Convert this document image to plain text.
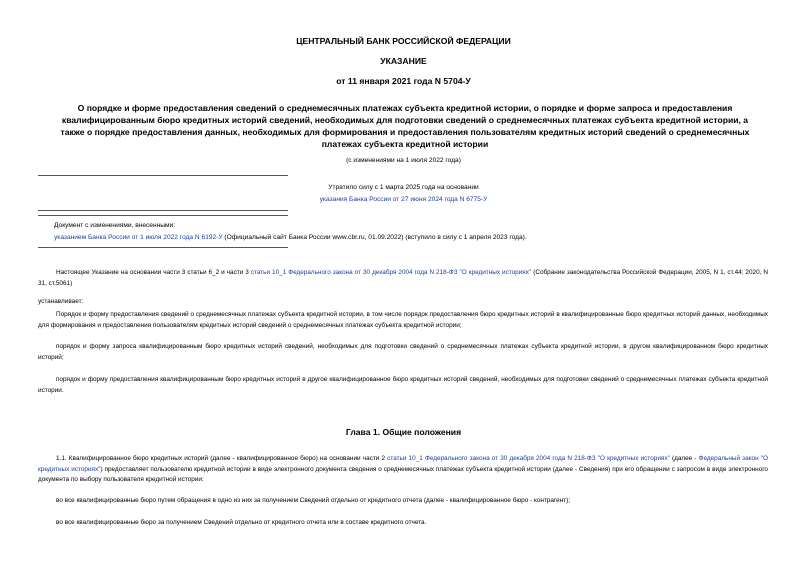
ЦЕНТРАЛЬНЫЙ БАНК РОССИЙСКОЙ ФЕДЕРАЦИИ
УКАЗАНИЕ
от 11 января 2021 года N 5704-У
О порядке и форме предоставления сведений о среднемесячных платежах субъекта кредитной истории, о порядке и форме запроса и предоставления
квалифицированным бюро кредитных историй сведений, необходимых для подготовки сведений о среднемесячных платежах субъекта кредитной истории, а
также о порядке предоставления данных, необходимых для формирования и предоставления пользователям кредитных историй сведений о среднемесячных
платежах субъекта кредитной истории
(с изменениями на 1 июля 2022 года)
Утратило силу с 1 марта 2025 года на основании
указания Банка России от 27 июня 2024 года N 6775-У
Документ с изменениями, внесенными:
указанием Банка России от 1 июля 2022 года N 6192-У (Официальный сайт Банка России www.cbr.ru, 01.09.2022) (вступило в силу с 1 апреля 2023 года).
Настоящее Указание на основании части 3 статьи 6_2 и части 3 статьи 10_1 Федерального закона от 30 декабря 2004 года N 218-ФЗ "О кредитных историях" (Собрание законодательства Российской Федерации, 2005, N 1, ст.44; 2020, N 31, ст.5061)
устанавливает:
Порядок и форму предоставления сведений о среднемесячных платежах субъекта кредитной истории, в том числе порядок предоставления бюро кредитных историй в квалифицированные бюро кредитных историй данных, необходимых для формирования и предоставления пользователям кредитных историй сведений о среднемесячных платежах субъекта кредитной истории;
порядок и форму запроса квалифицированным бюро кредитных историй сведений, необходимых для подготовки сведений о среднемесячных платежах субъекта кредитной истории, в другом квалифицированном бюро кредитных историй;
порядок и форму предоставления квалифицированным бюро кредитных историй в другое квалифицированное бюро кредитных историй сведений, необходимых для подготовки сведений о среднемесячных платежах субъекта кредитной истории.
Глава 1. Общие положения
1.1. Квалифицированное бюро кредитных историй (далее - квалифицированное бюро) на основании части 2 статьи 10_1 Федерального закона от 30 декабря 2004 года N 218-ФЗ "О кредитных историях" (далее - Федеральный закон "О кредитных историях") предоставляет пользователю кредитной истории в виде электронного документа сведения о среднемесячных платежах субъекта кредитной истории (далее - Сведения) при его обращении с запросом в виде электронного документа по выбору пользователя кредитной истории:
во все квалифицированные бюро путем обращения в одно из них за получением Сведений отдельно от кредитного отчета (далее - квалифицированное бюро - контрагент);
во все квалифицированные бюро за получением Сведений отдельно от кредитного отчета или в составе кредитного отчета.
